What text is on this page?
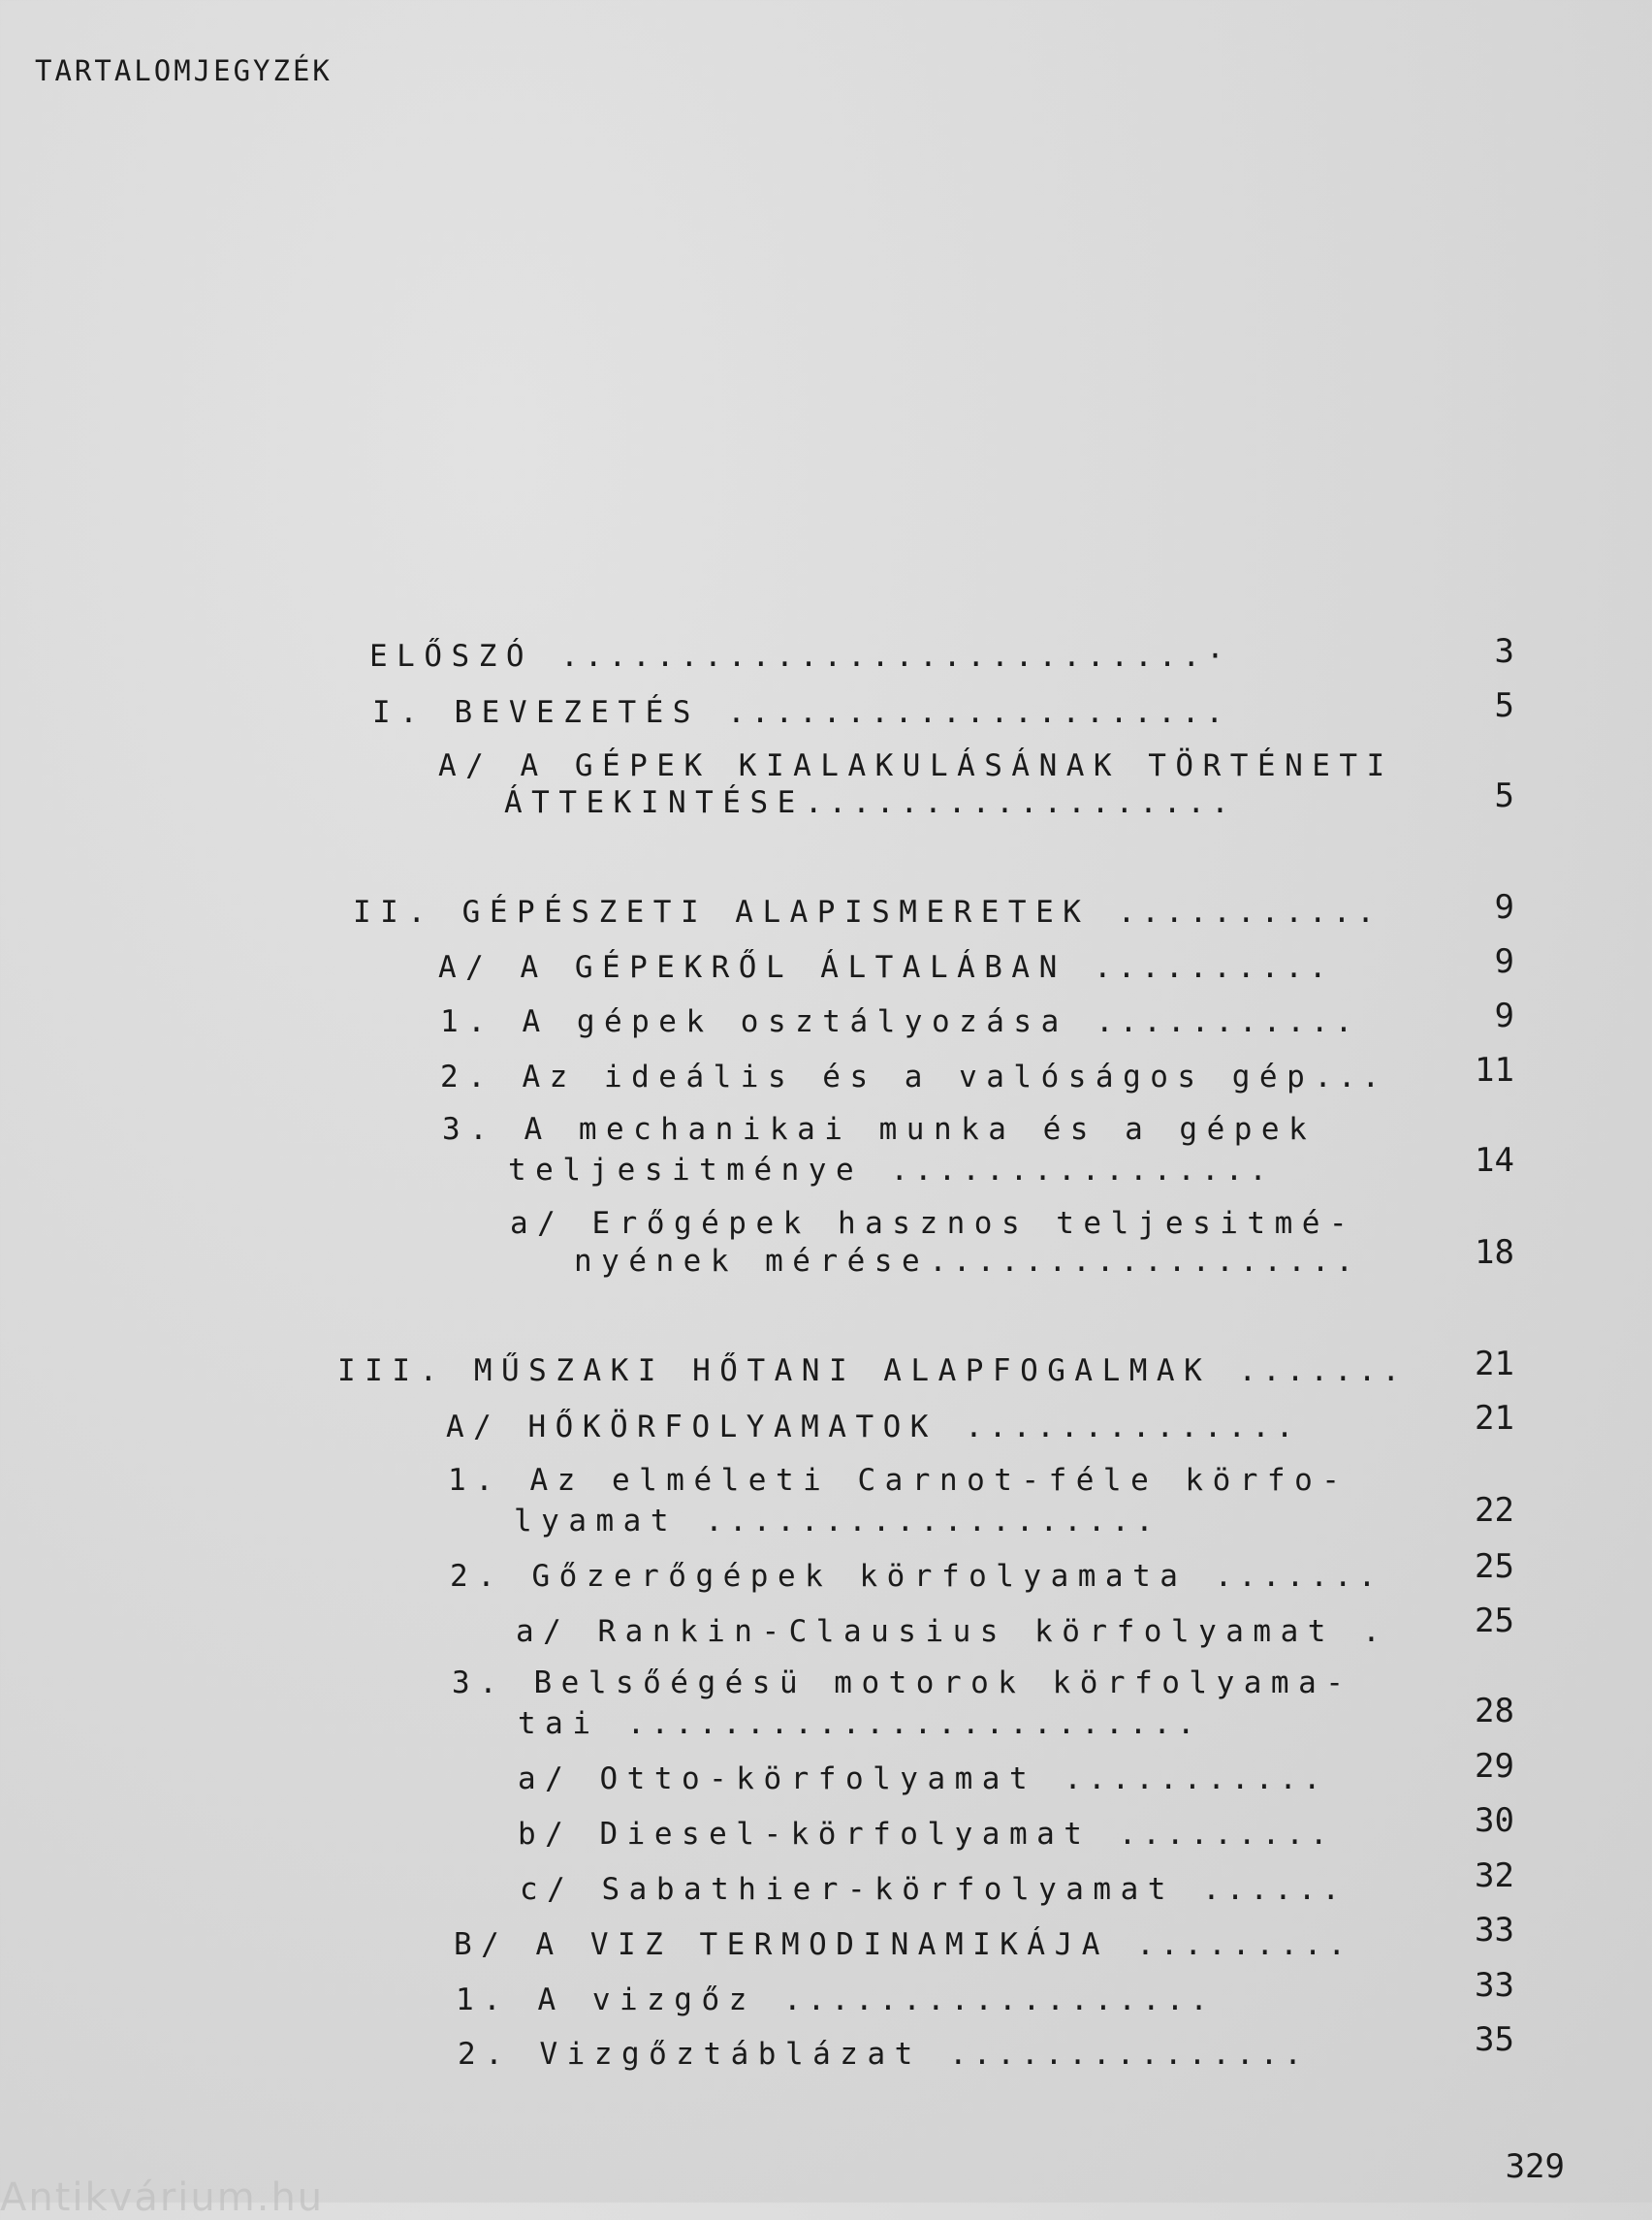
TARTALOMJEGYZÉK
ELŐSZÓ ...........................·	3
I. BEVEZETÉS .....................	5
A/ A GÉPEK KIALAKULÁSÁNAK TÖRTÉNETI
ÁTTEKINTÉSE..................	5
II. GÉPÉSZETI ALAPISMERETEK ...........	9
A/ A GÉPEKRŐL ÁLTALÁBAN ..........	9
1. A gépek osztályozása ...........	9
2. Az ideális és a valóságos gép...	11
3. A mechanikai munka és a gépek
teljesitménye ................	14
a/ Erőgépek hasznos teljesitmé-
nyének mérése..................	18
III. MŰSZAKI HŐTANI ALAPFOGALMAK .......	21
A/ HŐKÖRFOLYAMATOK ..............	21
1. Az elméleti Carnot-féle körfo-
lyamat ...................	22
2. Gőzerőgépek körfolyamata .......	25
a/ Rankin-Clausius körfolyamat .	25
3. Belsőégésü motorok körfolyama-
tai ........................	28
a/ Otto-körfolyamat ...........	29
b/ Diesel-körfolyamat .........	30
c/ Sabathier-körfolyamat ......	32
B/ A VIZ TERMODINAMIKÁJA .........	33
1. A vizgőz ..................	33
2. Vizgőztáblázat ...............	35
329
Antikvárium.hu
